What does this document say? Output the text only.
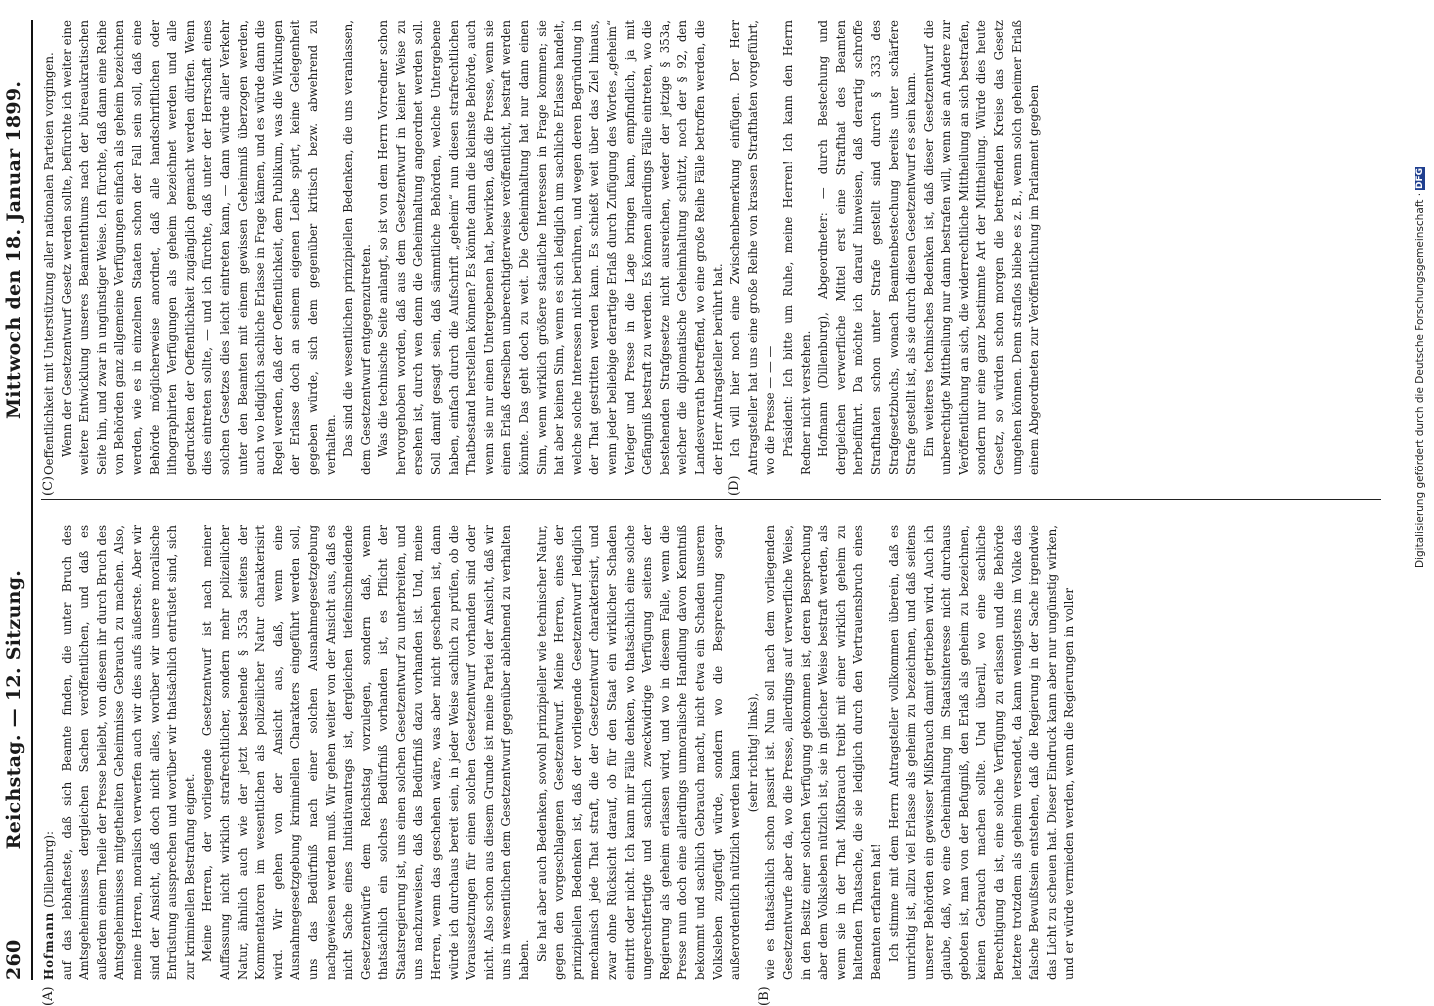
260
Reichstag. — 12. Sitzung.
Mittwoch den 18. Januar 1899.
(A)	(B)
(C)	(D)

Hofmann (Dillenburg): auf das lebhafteste, daß sich Beamte finden, die unter Bruch des Amtsgeheimnisses dergleichen Sachen veröffentlichen, und daß es außerdem einem Theile der Presse beliebt, von diesem ihr durch Bruch des Amtsgeheimnisses mitgetheilten Geheimnisse Gebrauch zu machen. Also, meine Herren, moralisch verwerfen auch wir dies aufs äußerste. Aber wir sind der Ansicht, daß doch nicht alles, worüber wir unsere moralische Entrüstung aussprechen und worüber wir thatsächlich entrüstet sind, sich zur kriminellen Bestrafung eignet. Meine Herren, der vorliegende Gesetzentwurf ist nach meiner Auffassung nicht wirklich strafrechtlicher, sondern mehr polizeilicher Natur, ähnlich auch wie der jetzt bestehende § 353a seitens der Kommentatoren im wesentlichen als polizeilicher Natur charakterisirt wird. Wir gehen von der Ansicht aus, daß, wenn eine Ausnahmegesetzgebung kriminellen Charakters eingeführt werden soll, uns das Bedürfniß nach einer solchen Ausnahmegesetzgebung nachgewiesen werden muß. Wir gehen weiter von der Ansicht aus, daß es nicht Sache eines Initiativantrags ist, dergleichen tiefeinschneidende Gesetzentwürfe dem Reichstag vorzulegen, sondern daß, wenn thatsächlich ein solches Bedürfniß vorhanden ist, es Pflicht der Staatsregierung ist, uns einen solchen Gesetzentwurf zu unterbreiten, und uns nachzuweisen, daß das Bedürfniß dazu vorhanden ist. Und, meine Herren, wenn das geschehen wäre, was aber nicht geschehen ist, dann würde ich durchaus bereit sein, in jeder Weise sachlich zu prüfen, ob die Voraussetzungen für einen solchen Gesetzentwurf vorhanden sind oder nicht. Also schon aus diesem Grunde ist meine Partei der Ansicht, daß wir uns in wesentlichen dem Gesetzentwurf gegenüber ablehnend zu verhalten haben. Sie hat aber auch Bedenken, sowohl prinzipieller wie technischer Natur, gegen den vorgeschlagenen Gesetzentwurf. Meine Herren, eines der prinzipiellen Bedenken ist, daß der vorliegende Gesetzentwurf lediglich mechanisch jede That straft, die der Gesetzentwurf charakterisirt, und zwar ohne Rücksicht darauf, ob für den Staat ein wirklicher Schaden eintritt oder nicht. Ich kann mir Fälle denken, wo thatsächlich eine solche ungerechtfertigte und sachlich zweckwidrige Verfügung seitens der Regierung als geheim erlassen wird, und wo in diesem Falle, wenn die Presse nun doch eine allerdings unmoralische Handlung davon Kenntniß bekommt und sachlich Gebrauch macht, nicht etwa ein Schaden unserem Volksleben zugefügt würde, sondern wo die Besprechung sogar außerordentlich nützlich werden kann (sehr richtig! links), wie es thatsächlich schon passirt ist. Nun soll nach dem vorliegenden Gesetzentwurfe aber da, wo die Presse, allerdings auf verwerfliche Weise, in den Besitz einer solchen Verfügung gekommen ist, deren Besprechung aber dem Volksleben nützlich ist, sie in gleicher Weise bestraft werden, als wenn sie in der That Mißbrauch treibt mit einer wirklich geheim zu haltenden Thatsache, die sie lediglich durch den Vertrauensbruch eines Beamten erfahren hat! Ich stimme mit dem Herrn Antragsteller vollkommen überein, daß es unrichtig ist, allzu viel Erlasse als geheim zu bezeichnen, und daß seitens unserer Behörden ein gewisser Mißbrauch damit getrieben wird. Auch ich glaube, daß, wo eine Geheimhaltung im Staatsinteresse nicht durchaus geboten ist, man von der Befugniß, den Erlaß als geheim zu bezeichnen, keinen Gebrauch machen sollte. Und überall, wo eine sachliche Berechtigung da ist, eine solche Verfügung zu erlassen und die Behörde letztere trotzdem als geheim versendet, da kann wenigstens im Volke das falsche Bewußtsein entstehen, daß die Regierung in der Sache irgendwie das Licht zu scheuen hat. Dieser Eindruck kann aber nur ungünstig wirken, und er würde vermieden werden, wenn die Regierungen in voller

Oeffentlichkeit mit Unterstützung aller nationalen Parteien vorgingen. Wenn der Gesetzentwurf Gesetz werden sollte, befürchte ich weiter eine weitere Entwicklung unseres Beamtenthums nach der büreaukratischen Seite hin, und zwar in ungünstiger Weise. Ich fürchte, daß dann eine Reihe von Behörden ganz allgemeine Verfügungen einfach als geheim bezeichnen werden, wie es in einzelnen Staaten schon der Fall sein soll, daß eine Behörde möglicherweise anordnet, daß alle handschriftlichen oder lithographirten Verfügungen als geheim bezeichnet werden und alle gedruckten der Oeffentlichkeit zugänglich gemacht werden dürfen. Wenn dies eintreten sollte, — und ich fürchte, daß unter der Herrschaft eines solchen Gesetzes dies leicht eintreten kann, — dann würde aller Verkehr unter den Beamten mit einem gewissen Geheimniß überzogen werden, auch wo lediglich sachliche Erlasse in Frage kämen, und es würde dann die Regel werden, daß der Oeffentlichkeit, dem Publikum, was die Wirkungen der Erlasse doch an seinem eigenen Leibe spürt, keine Gelegenheit gegeben würde, sich dem gegenüber kritisch bezw. abwehrend zu verhalten. Das sind die wesentlichen prinzipiellen Bedenken, die uns veranlassen, dem Gesetzentwurf entgegenzutreten. Was die technische Seite anlangt, so ist von dem Herrn Vorredner schon hervorgehoben worden, daß aus dem Gesetzentwurf in keiner Weise zu ersehen ist, durch wen denn die Geheimhaltung angeordnet werden soll. Soll damit gesagt sein, daß sämmtliche Behörden, welche Untergebene haben, einfach durch die Aufschrift „geheim“ nun diesen strafrechtlichen Thatbestand herstellen können? Es könnte dann die kleinste Behörde, auch wenn sie nur einen Untergebenen hat, bewirken, daß die Presse, wenn sie einen Erlaß derselben unberechtigterweise veröffentlicht, bestraft werden könnte. Das geht doch zu weit. Die Geheimhaltung hat nur dann einen Sinn, wenn wirklich größere staatliche Interessen in Frage kommen; sie hat aber keinen Sinn, wenn es sich lediglich um sachliche Erlasse handelt, welche solche Interessen nicht berühren, und wegen deren Begründung in der That gestritten werden kann. Es schießt weit über das Ziel hinaus, wenn jeder beliebige derartige Erlaß durch Zufügung des Wortes „geheim“ Verleger und Presse in die Lage bringen kann, empfindlich, ja mit Gefängniß bestraft zu werden. Es können allerdings Fälle eintreten, wo die bestehenden Strafgesetze nicht ausreichen, weder der jetzige § 353a, welcher die diplomatische Geheimhaltung schützt, noch der § 92, den Landesverrath betreffend, wo eine große Reihe Fälle betroffen werden, die der Herr Antragsteller berührt hat. Ich will hier noch eine Zwischenbemerkung einfügen. Der Herr Antragsteller hat uns eine große Reihe von krassen Strafthaten vorgeführt, wo die Presse — — — Präsident: Ich bitte um Ruhe, meine Herren! Ich kann den Herrn Redner nicht verstehen. Hofmann (Dillenburg), Abgeordneter: — durch Bestechung und dergleichen verwerfliche Mittel erst eine Strafthat des Beamten herbeiführt. Da möchte ich darauf hinweisen, daß derartig schroffe Strafthaten schon unter Strafe gestellt sind durch § 333 des Strafgesetzbuchs, wonach Beamtenbestechung bereits unter schärfere Strafe gestellt ist, als sie durch diesen Gesetzentwurf es sein kann. Ein weiteres technisches Bedenken ist, daß dieser Gesetzentwurf die unberechtigte Mittheilung nur dann bestrafen will, wenn sie an Andere zur Veröffentlichung an sich, die widerrechtliche Mittheilung an sich bestrafen, sondern nur eine ganz bestimmte Art der Mittheilung. Würde dies heute Gesetz, so würden schon morgen die betreffenden Kreise das Gesetz umgehen können. Denn straflos bliebe es z. B., wenn solch geheimer Erlaß einem Abgeordneten zur Veröffentlichung im Parlament gegeben	Digitalisierung gefördert durch die Deutsche Forschungsgemeinschaft · DFG
